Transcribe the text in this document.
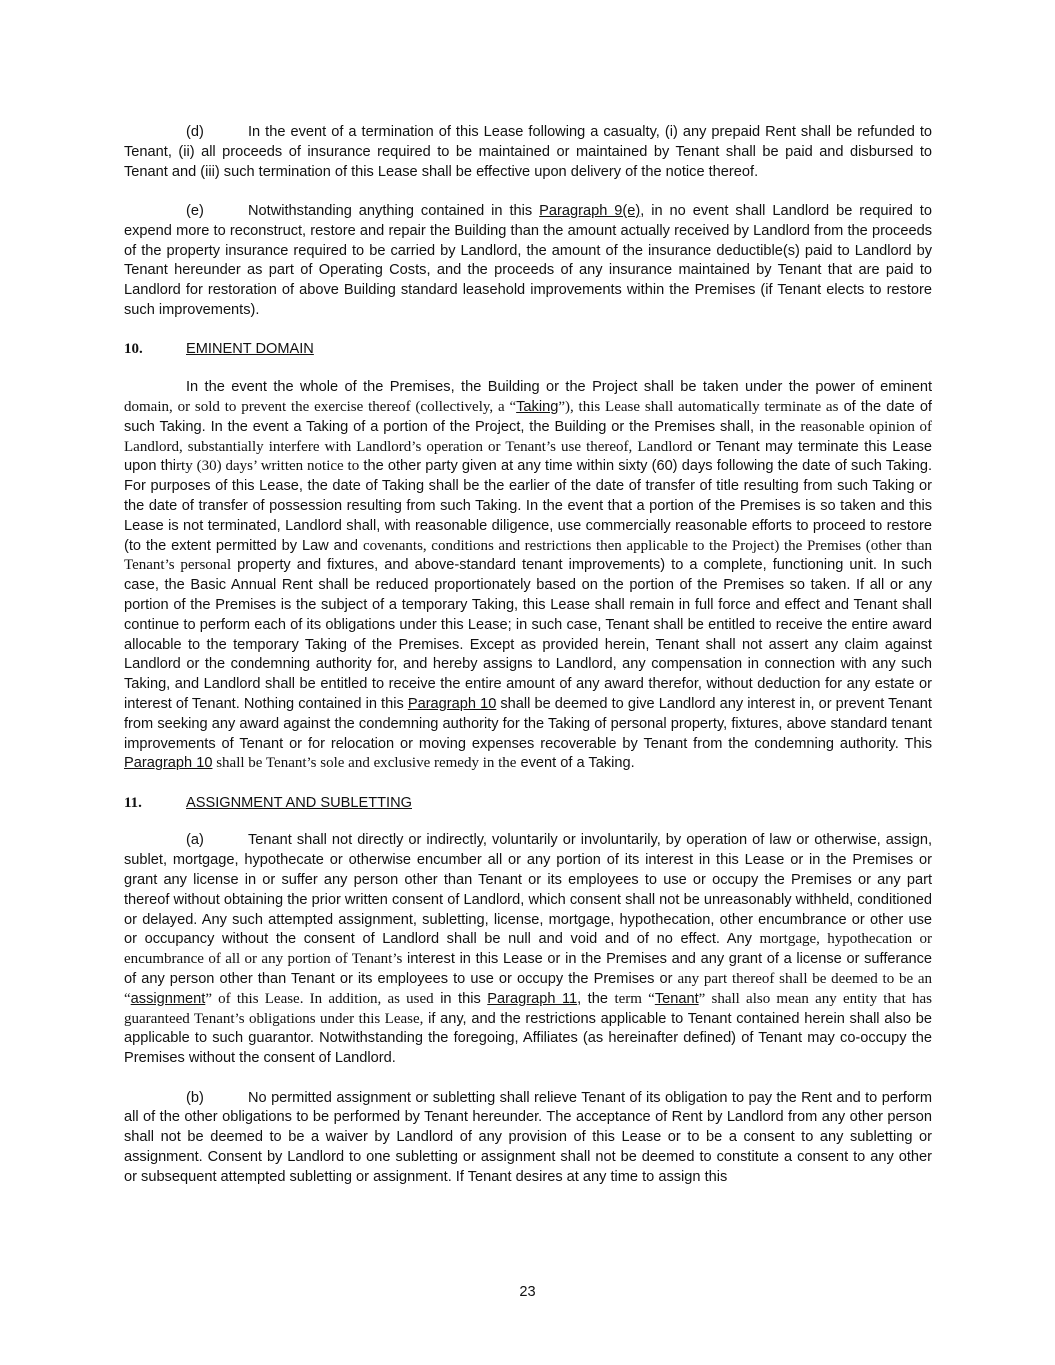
(d)	In the event of a termination of this Lease following a casualty, (i) any prepaid Rent shall be refunded to Tenant, (ii) all proceeds of insurance required to be maintained or maintained by Tenant shall be paid and disbursed to Tenant and (iii) such termination of this Lease shall be effective upon delivery of the notice thereof.

(e)	Notwithstanding anything contained in this Paragraph 9(e), in no event shall Landlord be required to expend more to reconstruct, restore and repair the Building than the amount actually received by Landlord from the proceeds of the property insurance required to be carried by Landlord, the amount of the insurance deductible(s) paid to Landlord by Tenant hereunder as part of Operating Costs, and the proceeds of any insurance maintained by Tenant that are paid to Landlord for restoration of above Building standard leasehold improvements within the Premises (if Tenant elects to restore such improvements).

10.	EMINENT DOMAIN

In the event the whole of the Premises, the Building or the Project shall be taken under the power of eminent domain, or sold to prevent the exercise thereof (collectively, a “Taking”), this Lease shall automatically terminate as of the date of such Taking. In the event a Taking of a portion of the Project, the Building or the Premises shall, in the reasonable opinion of Landlord, substantially interfere with Landlord’s operation or Tenant’s use thereof, Landlord or Tenant may terminate this Lease upon thirty (30) days’ written notice to the other party given at any time within sixty (60) days following the date of such Taking. For purposes of this Lease, the date of Taking shall be the earlier of the date of transfer of title resulting from such Taking or the date of transfer of possession resulting from such Taking. In the event that a portion of the Premises is so taken and this Lease is not terminated, Landlord shall, with reasonable diligence, use commercially reasonable efforts to proceed to restore (to the extent permitted by Law and covenants, conditions and restrictions then applicable to the Project) the Premises (other than Tenant’s personal property and fixtures, and above-standard tenant improvements) to a complete, functioning unit. In such case, the Basic Annual Rent shall be reduced proportionately based on the portion of the Premises so taken. If all or any portion of the Premises is the subject of a temporary Taking, this Lease shall remain in full force and effect and Tenant shall continue to perform each of its obligations under this Lease; in such case, Tenant shall be entitled to receive the entire award allocable to the temporary Taking of the Premises. Except as provided herein, Tenant shall not assert any claim against Landlord or the condemning authority for, and hereby assigns to Landlord, any compensation in connection with any such Taking, and Landlord shall be entitled to receive the entire amount of any award therefor, without deduction for any estate or interest of Tenant. Nothing contained in this Paragraph 10 shall be deemed to give Landlord any interest in, or prevent Tenant from seeking any award against the condemning authority for the Taking of personal property, fixtures, above standard tenant improvements of Tenant or for relocation or moving expenses recoverable by Tenant from the condemning authority. This Paragraph 10 shall be Tenant’s sole and exclusive remedy in the event of a Taking.

11.	ASSIGNMENT AND SUBLETTING

(a)	Tenant shall not directly or indirectly, voluntarily or involuntarily, by operation of law or otherwise, assign, sublet, mortgage, hypothecate or otherwise encumber all or any portion of its interest in this Lease or in the Premises or grant any license in or suffer any person other than Tenant or its employees to use or occupy the Premises or any part thereof without obtaining the prior written consent of Landlord, which consent shall not be unreasonably withheld, conditioned or delayed. Any such attempted assignment, subletting, license, mortgage, hypothecation, other encumbrance or other use or occupancy without the consent of Landlord shall be null and void and of no effect. Any mortgage, hypothecation or encumbrance of all or any portion of Tenant’s interest in this Lease or in the Premises and any grant of a license or sufferance of any person other than Tenant or its employees to use or occupy the Premises or any part thereof shall be deemed to be an “assignment” of this Lease. In addition, as used in this Paragraph 11, the term “Tenant” shall also mean any entity that has guaranteed Tenant’s obligations under this Lease, if any, and the restrictions applicable to Tenant contained herein shall also be applicable to such guarantor. Notwithstanding the foregoing, Affiliates (as hereinafter defined) of Tenant may co-occupy the Premises without the consent of Landlord.

(b)	No permitted assignment or subletting shall relieve Tenant of its obligation to pay the Rent and to perform all of the other obligations to be performed by Tenant hereunder. The acceptance of Rent by Landlord from any other person shall not be deemed to be a waiver by Landlord of any provision of this Lease or to be a consent to any subletting or assignment. Consent by Landlord to one subletting or assignment shall not be deemed to constitute a consent to any other or subsequent attempted subletting or assignment. If Tenant desires at any time to assign this

23
